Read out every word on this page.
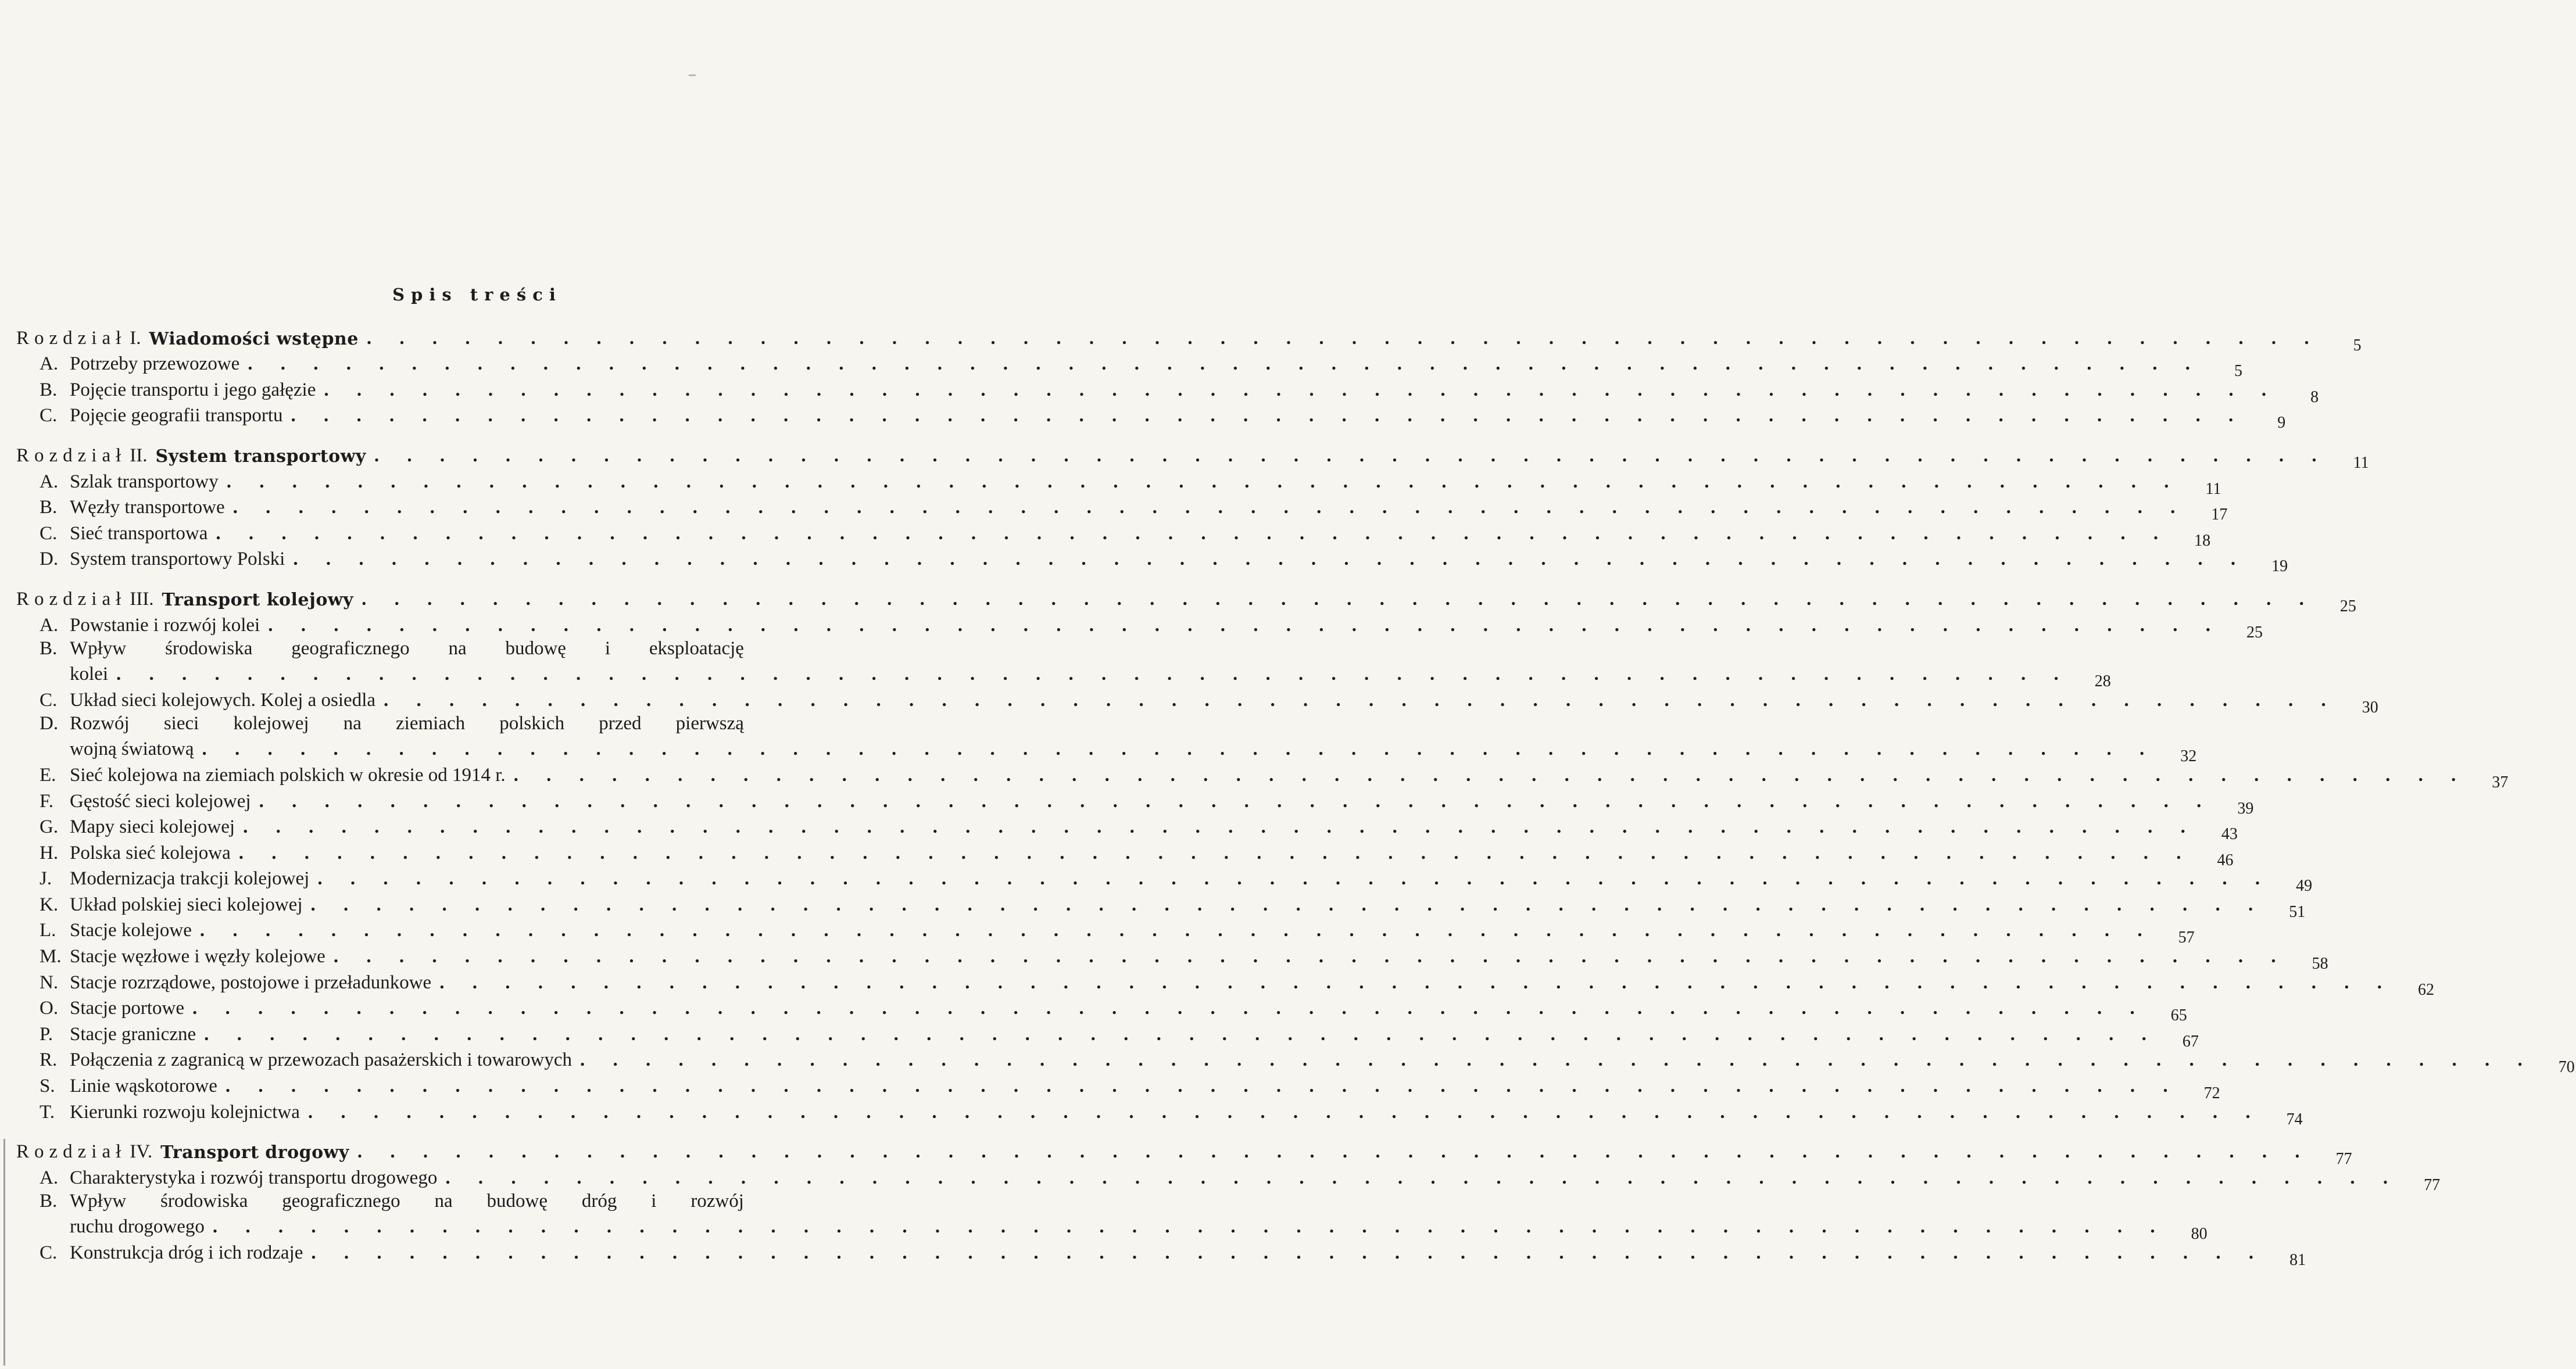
Spis treści
Rozdział I. Wiadomości wstępne . . . . . . . . . . . . . . . . . . . . . . . . . . . . . . . . . . . . . . . . . . . . . . . . . . . . . . . . . . . .	5
A. Potrzeby przewozowe . . . . . . . . . . . . . . . . . . . . . . . . . . . . . . . . . . . . . . . . . . . . . . . . . . . . . . . . . . . .	5
B. Pojęcie transportu i jego gałęzie . . . . . . . . . . . . . . . . . . . . . . . . . . . . . . . . . . . . . . . . . . . . . . . . . . . . . . . . . . . .	8
C. Pojęcie geografii transportu . . . . . . . . . . . . . . . . . . . . . . . . . . . . . . . . . . . . . . . . . . . . . . . . . . . . . . . . . . . .	9
Rozdział II. System transportowy . . . . . . . . . . . . . . . . . . . . . . . . . . . . . . . . . . . . . . . . . . . . . . . . . . . . . . . . . . . .	11
A. Szlak transportowy . . . . . . . . . . . . . . . . . . . . . . . . . . . . . . . . . . . . . . . . . . . . . . . . . . . . . . . . . . . .	11
B. Węzły transportowe . . . . . . . . . . . . . . . . . . . . . . . . . . . . . . . . . . . . . . . . . . . . . . . . . . . . . . . . . . . .	17
C. Sieć transportowa . . . . . . . . . . . . . . . . . . . . . . . . . . . . . . . . . . . . . . . . . . . . . . . . . . . . . . . . . . . .	18
D. System transportowy Polski . . . . . . . . . . . . . . . . . . . . . . . . . . . . . . . . . . . . . . . . . . . . . . . . . . . . . . . . . . . .	19
Rozdział III. Transport kolejowy . . . . . . . . . . . . . . . . . . . . . . . . . . . . . . . . . . . . . . . . . . . . . . . . . . . . . . . . . . . .	25
A. Powstanie i rozwój kolei . . . . . . . . . . . . . . . . . . . . . . . . . . . . . . . . . . . . . . . . . . . . . . . . . . . . . . . . . . . .	25
B. Wpływ środowiska geograficznego na budowę i eksploatację
kolei . . . . . . . . . . . . . . . . . . . . . . . . . . . . . . . . . . . . . . . . . . . . . . . . . . . . . . . . . . . .	28
C. Układ sieci kolejowych. Kolej a osiedla . . . . . . . . . . . . . . . . . . . . . . . . . . . . . . . . . . . . . . . . . . . . . . . . . . . . . . . . . . . .	30
D. Rozwój sieci kolejowej na ziemiach polskich przed pierwszą
wojną światową . . . . . . . . . . . . . . . . . . . . . . . . . . . . . . . . . . . . . . . . . . . . . . . . . . . . . . . . . . . .	32
E. Sieć kolejowa na ziemiach polskich w okresie od 1914 r. . . . . . . . . . . . . . . . . . . . . . . . . . . . . . . . . . . . . . . . . . . . . . . . . . . . . . . . . . . . .	37
F. Gęstość sieci kolejowej . . . . . . . . . . . . . . . . . . . . . . . . . . . . . . . . . . . . . . . . . . . . . . . . . . . . . . . . . . . .	39
G. Mapy sieci kolejowej . . . . . . . . . . . . . . . . . . . . . . . . . . . . . . . . . . . . . . . . . . . . . . . . . . . . . . . . . . . .	43
H. Polska sieć kolejowa . . . . . . . . . . . . . . . . . . . . . . . . . . . . . . . . . . . . . . . . . . . . . . . . . . . . . . . . . . . .	46
J. Modernizacja trakcji kolejowej . . . . . . . . . . . . . . . . . . . . . . . . . . . . . . . . . . . . . . . . . . . . . . . . . . . . . . . . . . . .	49
K. Układ polskiej sieci kolejowej . . . . . . . . . . . . . . . . . . . . . . . . . . . . . . . . . . . . . . . . . . . . . . . . . . . . . . . . . . . .	51
L. Stacje kolejowe . . . . . . . . . . . . . . . . . . . . . . . . . . . . . . . . . . . . . . . . . . . . . . . . . . . . . . . . . . . .	57
M. Stacje węzłowe i węzły kolejowe . . . . . . . . . . . . . . . . . . . . . . . . . . . . . . . . . . . . . . . . . . . . . . . . . . . . . . . . . . . .	58
N. Stacje rozrządowe, postojowe i przeładunkowe . . . . . . . . . . . . . . . . . . . . . . . . . . . . . . . . . . . . . . . . . . . . . . . . . . . . . . . . . . . .	62
O. Stacje portowe . . . . . . . . . . . . . . . . . . . . . . . . . . . . . . . . . . . . . . . . . . . . . . . . . . . . . . . . . . . .	65
P. Stacje graniczne . . . . . . . . . . . . . . . . . . . . . . . . . . . . . . . . . . . . . . . . . . . . . . . . . . . . . . . . . . . .	67
R. Połączenia z zagranicą w przewozach pasażerskich i towarowych . . . . . . . . . . . . . . . . . . . . . . . . . . . . . . . . . . . . . . . . . . . . . . . . . . . . . . . . . . . .	70
S. Linie wąskotorowe . . . . . . . . . . . . . . . . . . . . . . . . . . . . . . . . . . . . . . . . . . . . . . . . . . . . . . . . . . . .	72
T. Kierunki rozwoju kolejnictwa . . . . . . . . . . . . . . . . . . . . . . . . . . . . . . . . . . . . . . . . . . . . . . . . . . . . . . . . . . . .	74
Rozdział IV. Transport drogowy . . . . . . . . . . . . . . . . . . . . . . . . . . . . . . . . . . . . . . . . . . . . . . . . . . . . . . . . . . . .	77
A. Charakterystyka i rozwój transportu drogowego . . . . . . . . . . . . . . . . . . . . . . . . . . . . . . . . . . . . . . . . . . . . . . . . . . . . . . . . . . . .	77
B. Wpływ środowiska geograficznego na budowę dróg i rozwój
ruchu drogowego . . . . . . . . . . . . . . . . . . . . . . . . . . . . . . . . . . . . . . . . . . . . . . . . . . . . . . . . . . . .	80
C. Konstrukcja dróg i ich rodzaje . . . . . . . . . . . . . . . . . . . . . . . . . . . . . . . . . . . . . . . . . . . . . . . . . . . . . . . . . . . .	81
